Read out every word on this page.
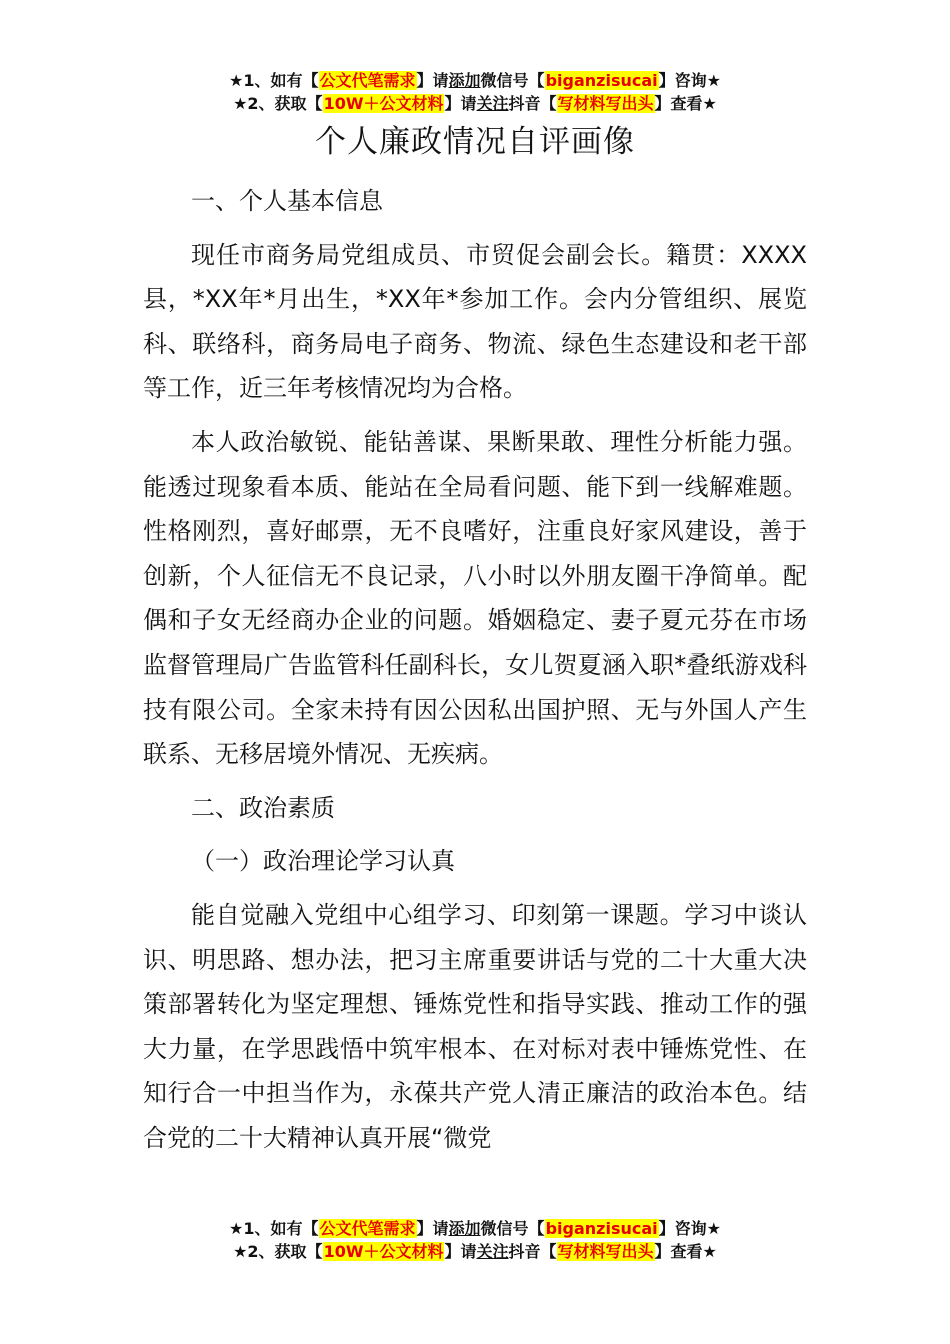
★1、如有【公文代笔需求】请添加微信号【biganzisucai】咨询★
★2、获取【10W＋公文材料】请关注抖音【写材料写出头】查看★
个人廉政情况自评画像

一、个人基本信息

现任市商务局党组成员、市贸促会副会长。籍贯：XXXX县，*XX年*月出生，*XX年*参加工作。会内分管组织、展览科、联络科，商务局电子商务、物流、绿色生态建设和老干部等工作，近三年考核情况均为合格。

本人政治敏锐、能钻善谋、果断果敢、理性分析能力强。能透过现象看本质、能站在全局看问题、能下到一线解难题。性格刚烈，喜好邮票，无不良嗜好，注重良好家风建设，善于创新，个人征信无不良记录，八小时以外朋友圈干净简单。配偶和子女无经商办企业的问题。婚姻稳定、妻子夏元芬在市场监督管理局广告监管科任副科长，女儿贺夏涵入职*叠纸游戏科技有限公司。全家未持有因公因私出国护照、无与外国人产生联系、无移居境外情况、无疾病。

二、政治素质

（一）政治理论学习认真

能自觉融入党组中心组学习、印刻第一课题。学习中谈认识、明思路、想办法，把习主席重要讲话与党的二十大重大决策部署转化为坚定理想、锤炼党性和指导实践、推动工作的强大力量，在学思践悟中筑牢根本、在对标对表中锤炼党性、在知行合一中担当作为，永葆共产党人清正廉洁的政治本色。结合党的二十大精神认真开展“微党

★1、如有【公文代笔需求】请添加微信号【biganzisucai】咨询★
★2、获取【10W＋公文材料】请关注抖音【写材料写出头】查看★
